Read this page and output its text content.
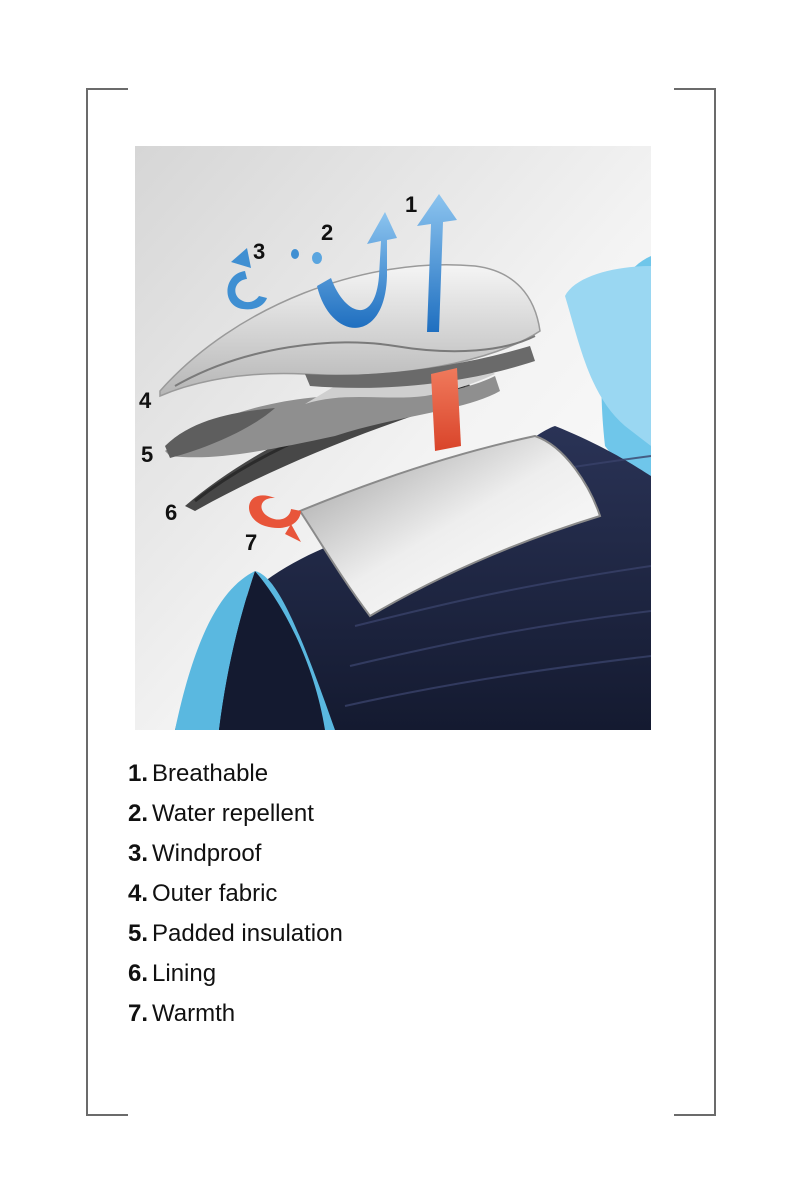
1
2
3
4
5
6
7
1. Breathable
2. Water repellent
3. Windproof
4. Outer fabric
5. Padded insulation
6. Lining
7. Warmth
